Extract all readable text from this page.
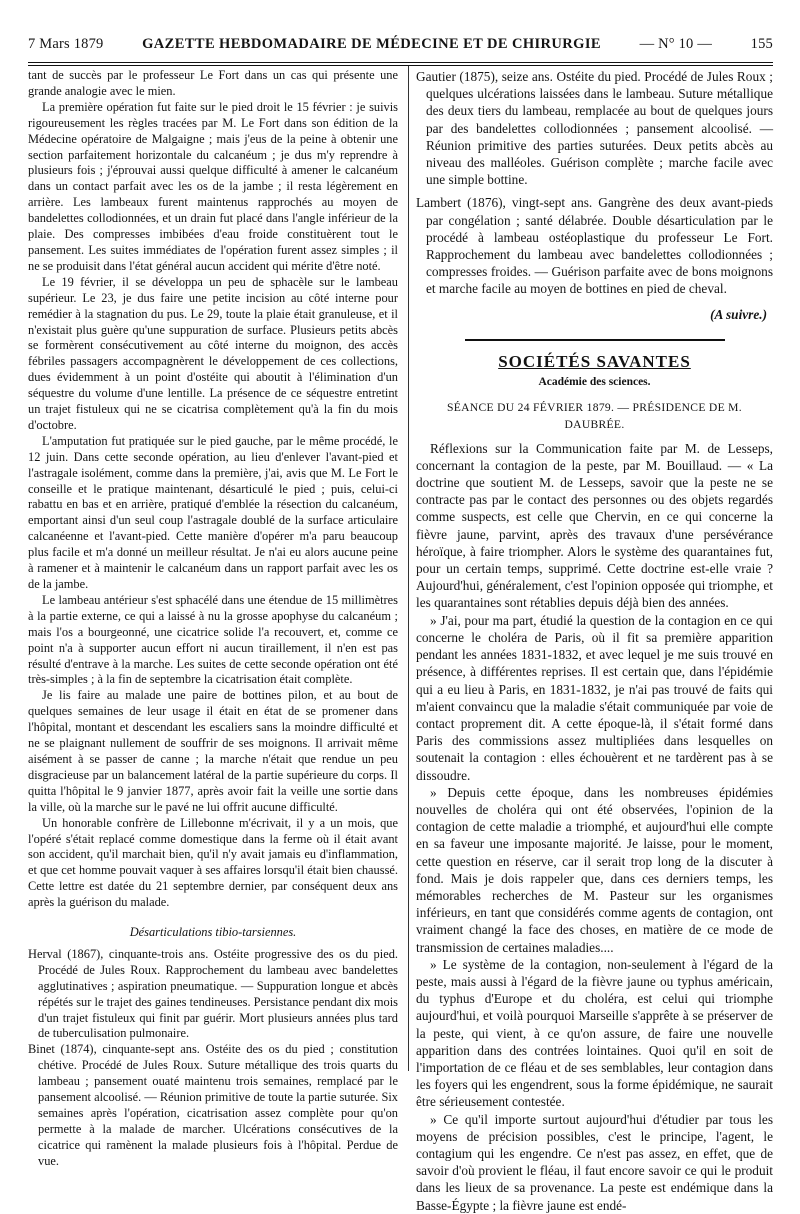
7 Mars 1879	GAZETTE HEBDOMADAIRE DE MÉDECINE ET DE CHIRURGIE	— N° 10 —	155

tant de succès par le professeur Le Fort dans un cas qui présente une grande analogie avec le mien.

La première opération fut faite sur le pied droit le 15 février : je suivis rigoureusement les règles tracées par M. Le Fort dans son édition de la Médecine opératoire de Malgaigne ; mais j'eus de la peine à obtenir une section parfaitement horizontale du calcanéum ; je dus m'y reprendre à plusieurs fois ; j'éprouvai aussi quelque difficulté à amener le calcanéum dans un contact parfait avec les os de la jambe ; il resta légèrement en arrière. Les lambeaux furent maintenus rapprochés au moyen de bandelettes collodionnées, et un drain fut placé dans l'angle inférieur de la plaie. Des compresses imbibées d'eau froide constituèrent tout le pansement. Les suites immédiates de l'opération furent assez simples ; il ne se produisit dans l'état général aucun accident qui mérite d'être noté.

Le 19 février, il se développa un peu de sphacèle sur le lambeau supérieur. Le 23, je dus faire une petite incision au côté interne pour remédier à la stagnation du pus. Le 29, toute la plaie était granuleuse, et il n'existait plus guère qu'une suppuration de surface. Plusieurs petits abcès se formèrent consécutivement au côté interne du moignon, des accès fébriles passagers accompagnèrent le développement de ces collections, dues évidemment à un point d'ostéite qui aboutit à l'élimination d'un séquestre du volume d'une lentille. La présence de ce séquestre entretint un trajet fistuleux qui ne se cicatrisa complètement qu'à la fin du mois d'octobre.

L'amputation fut pratiquée sur le pied gauche, par le même procédé, le 12 juin. Dans cette seconde opération, au lieu d'enlever l'avant-pied et l'astragale isolément, comme dans la première, j'ai, avis que M. Le Fort le conseille et le pratique maintenant, désarticulé le pied ; puis, celui-ci rabattu en bas et en arrière, pratiqué d'emblée la résection du calcanéum, emportant ainsi d'un seul coup l'astragale doublé de la surface articulaire calcanéenne et l'avant-pied. Cette manière d'opérer m'a paru beaucoup plus facile et m'a donné un meilleur résultat. Je n'ai eu alors aucune peine à ramener et à maintenir le calcanéum dans un rapport parfait avec les os de la jambe.

Le lambeau antérieur s'est sphacélé dans une étendue de 15 millimètres à la partie externe, ce qui a laissé à nu la grosse apophyse du calcanéum ; mais l'os a bourgeonné, une cicatrice solide l'a recouvert, et, comme ce point n'a à supporter aucun effort ni aucun tiraillement, il n'en est pas résulté d'entrave à la marche. Les suites de cette seconde opération ont été très-simples ; à la fin de septembre la cicatrisation était complète.

Je lis faire au malade une paire de bottines pilon, et au bout de quelques semaines de leur usage il était en état de se promener dans l'hôpital, montant et descendant les escaliers sans la moindre difficulté et ne se plaignant nullement de souffrir de ses moignons. Il arrivait même aisément à se passer de canne ; la marche n'était que rendue un peu disgracieuse par un balancement latéral de la partie supérieure du corps. Il quitta l'hôpital le 9 janvier 1877, après avoir fait la veille une sortie dans la ville, où la marche sur le pavé ne lui offrit aucune difficulté.

Un honorable confrère de Lillebonne m'écrivait, il y a un mois, que l'opéré s'était replacé comme domestique dans la ferme où il était avant son accident, qu'il marchait bien, qu'il n'y avait jamais eu d'inflammation, et que cet homme pouvait vaquer à ses affaires lorsqu'il était bien chaussé. Cette lettre est datée du 21 septembre dernier, par conséquent deux ans après la guérison du malade.

Désarticulations tibio-tarsiennes.

Herval (1867), cinquante-trois ans. Ostéite progressive des os du pied. Procédé de Jules Roux. Rapprochement du lambeau avec bandelettes agglutinatives ; aspiration pneumatique. — Suppuration longue et abcès répétés sur le trajet des gaines tendineuses. Persistance pendant dix mois d'un trajet fistuleux qui finit par guérir. Mort plusieurs années plus tard de tuberculisation pulmonaire.

Binet (1874), cinquante-sept ans. Ostéite des os du pied ; constitution chétive. Procédé de Jules Roux. Suture métallique des trois quarts du lambeau ; pansement ouaté maintenu trois semaines, remplacé par le pansement alcoolisé. — Réunion primitive de toute la partie suturée. Six semaines après l'opération, cicatrisation assez complète pour qu'on permette à la malade de marcher. Ulcérations consécutives de la cicatrice qui ramènent la malade plusieurs fois à l'hôpital. Perdue de vue.

Gautier (1875), seize ans. Ostéite du pied. Procédé de Jules Roux ; quelques ulcérations laissées dans le lambeau. Suture métallique des deux tiers du lambeau, remplacée au bout de quelques jours par des bandelettes collodionnées ; pansement alcoolisé. — Réunion primitive des parties suturées. Deux petits abcès au niveau des malléoles. Guérison complète ; marche facile avec une simple bottine.

Lambert (1876), vingt-sept ans. Gangrène des deux avant-pieds par congélation ; santé délabrée. Double désarticulation par le procédé à lambeau ostéoplastique du professeur Le Fort. Rapprochement du lambeau avec bandelettes collodionnées ; compresses froides. — Guérison parfaite avec de bons moignons et marche facile au moyen de bottines en pied de cheval.

(A suivre.)

SOCIÉTÉS SAVANTES

Académie des sciences.

SÉANCE DU 24 FÉVRIER 1879. — PRÉSIDENCE DE M. DAUBRÉE.

Réflexions sur la Communication faite par M. de Lesseps, concernant la contagion de la peste, par M. Bouillaud. — « La doctrine que soutient M. de Lesseps, savoir que la peste ne se contracte pas par le contact des personnes ou des objets regardés comme suspects, est celle que Chervin, en ce qui concerne la fièvre jaune, parvint, après des travaux d'une persévérance héroïque, à faire triompher. Alors le système des quarantaines fut, pour un certain temps, supprimé. Cette doctrine est-elle vraie ? Aujourd'hui, généralement, c'est l'opinion opposée qui triomphe, et les quarantaines sont rétablies depuis déjà bien des années.

» J'ai, pour ma part, étudié la question de la contagion en ce qui concerne le choléra de Paris, où il fit sa première apparition pendant les années 1831-1832, et avec lequel je me suis trouvé en présence, à différentes reprises. Il est certain que, dans l'épidémie qui a eu lieu à Paris, en 1831-1832, je n'ai pas trouvé de faits qui m'aient convaincu que la maladie s'était communiquée par voie de contact proprement dit. A cette époque-là, il s'était formé dans Paris des commissions assez multipliées dans lesquelles on soutenait la contagion : elles échouèrent et ne tardèrent pas à se dissoudre.

» Depuis cette époque, dans les nombreuses épidémies nouvelles de choléra qui ont été observées, l'opinion de la contagion de cette maladie a triomphé, et aujourd'hui elle compte en sa faveur une imposante majorité. Je laisse, pour le moment, cette question en réserve, car il serait trop long de la discuter à fond. Mais je dois rappeler que, dans ces derniers temps, les mémorables recherches de M. Pasteur sur les organismes inférieurs, en tant que considérés comme agents de contagion, ont vraiment changé la face des choses, en matière de ce mode de transmission de certaines maladies....

» Le système de la contagion, non-seulement à l'égard de la peste, mais aussi à l'égard de la fièvre jaune ou typhus américain, du typhus d'Europe et du choléra, est celui qui triomphe aujourd'hui, et voilà pourquoi Marseille s'apprête à se préserver de la peste, qui vient, à ce qu'on assure, de faire une nouvelle apparition dans des contrées lointaines. Quoi qu'il en soit de l'importation de ce fléau et de ses semblables, leur contagion dans les foyers qui les engendrent, sous la forme épidémique, ne saurait être sérieusement contestée.

» Ce qu'il importe surtout aujourd'hui d'étudier par tous les moyens de précision possibles, c'est le principe, l'agent, le contagium qui les engendre. Ce n'est pas assez, en effet, que de savoir d'où provient le fléau, il faut encore savoir ce qui le produit dans les lieux de sa provenance. La peste est endémique dans la Basse-Égypte ; la fièvre jaune est endé-
